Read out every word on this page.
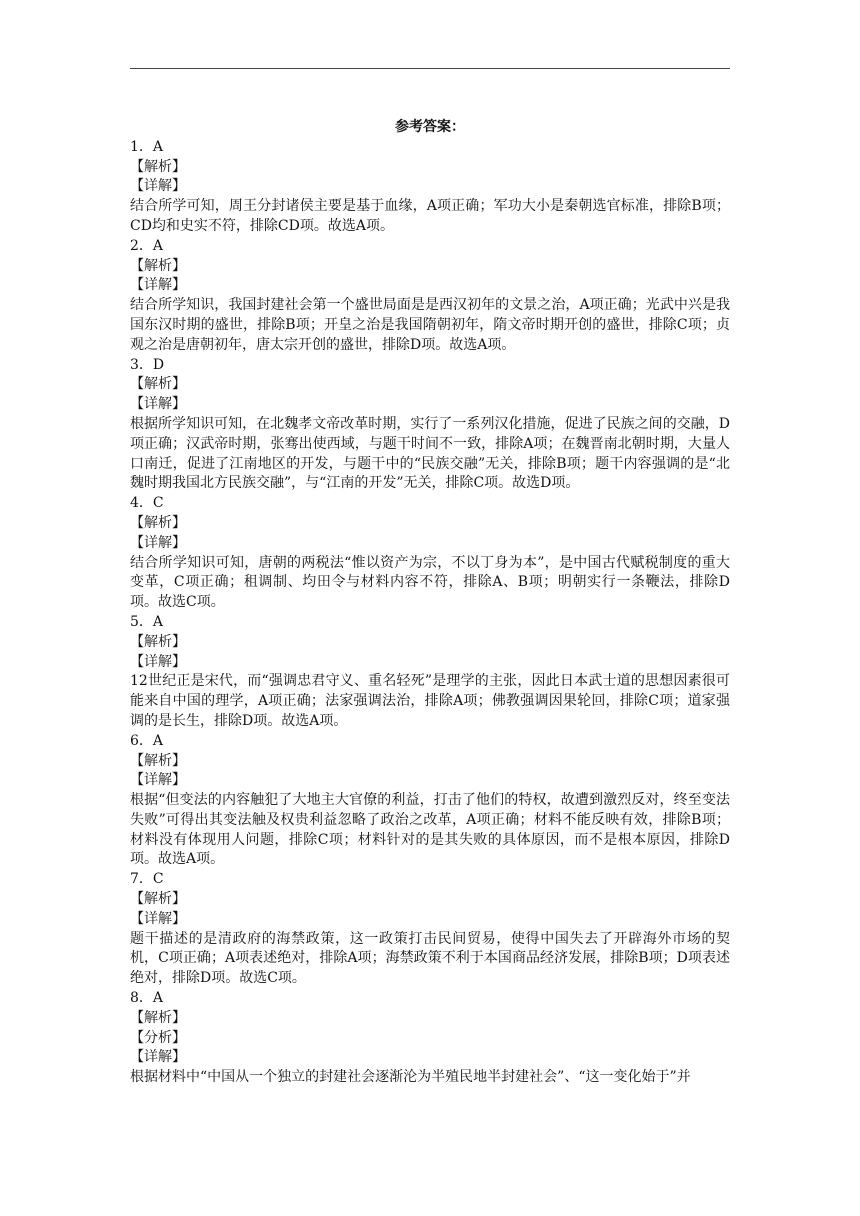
参考答案：
1．A
【解析】
【详解】
结合所学可知，周王分封诸侯主要是基于血缘，A项正确；军功大小是秦朝选官标准，排除B项；CD均和史实不符，排除CD项。故选A项。
2．A
【解析】
【详解】
结合所学知识，我国封建社会第一个盛世局面是是西汉初年的文景之治，A项正确；光武中兴是我国东汉时期的盛世，排除B项；开皇之治是我国隋朝初年，隋文帝时期开创的盛世，排除C项；贞观之治是唐朝初年，唐太宗开创的盛世，排除D项。故选A项。
3．D
【解析】
【详解】
根据所学知识可知，在北魏孝文帝改革时期，实行了一系列汉化措施，促进了民族之间的交融，D项正确；汉武帝时期，张骞出使西域，与题干时间不一致，排除A项；在魏晋南北朝时期，大量人口南迁，促进了江南地区的开发，与题干中的“民族交融”无关，排除B项；题干内容强调的是“北魏时期我国北方民族交融”，与“江南的开发”无关，排除C项。故选D项。
4．C
【解析】
【详解】
结合所学知识可知，唐朝的两税法“惟以资产为宗，不以丁身为本”，是中国古代赋税制度的重大变革，C项正确；租调制、均田令与材料内容不符，排除A、B项；明朝实行一条鞭法，排除D项。故选C项。
5．A
【解析】
【详解】
12世纪正是宋代，而“强调忠君守义、重名轻死”是理学的主张，因此日本武士道的思想因素很可能来自中国的理学，A项正确；法家强调法治，排除A项；佛教强调因果轮回，排除C项；道家强调的是长生，排除D项。故选A项。
6．A
【解析】
【详解】
根据“但变法的内容触犯了大地主大官僚的利益，打击了他们的特权，故遭到激烈反对，终至变法失败”可得出其变法触及权贵利益忽略了政治之改革，A项正确；材料不能反映有效，排除B项；材料没有体现用人问题，排除C项；材料针对的是其失败的具体原因，而不是根本原因，排除D项。故选A项。
7．C
【解析】
【详解】
题干描述的是清政府的海禁政策，这一政策打击民间贸易，使得中国失去了开辟海外市场的契机，C项正确；A项表述绝对，排除A项；海禁政策不利于本国商品经济发展，排除B项；D项表述绝对，排除D项。故选C项。
8．A
【解析】
【分析】
【详解】
根据材料中“中国从一个独立的封建社会逐渐沦为半殖民地半封建社会”、“这一变化始于”并
